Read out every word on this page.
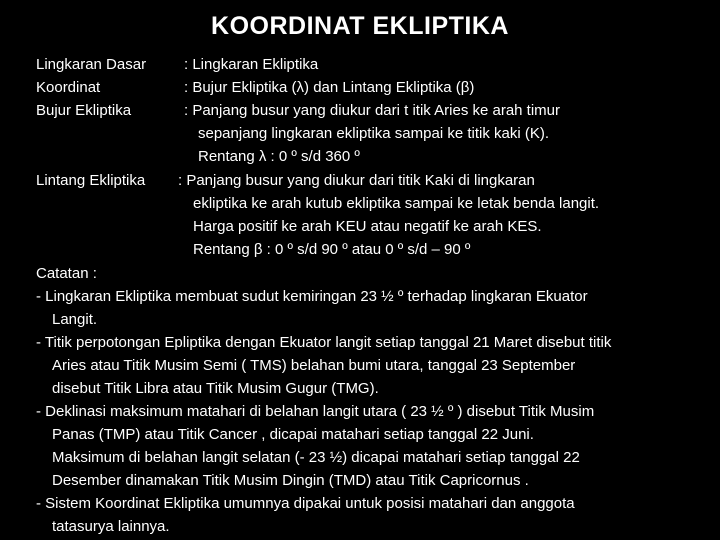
KOORDINAT EKLIPTIKA
Lingkaran Dasar	: Lingkaran Ekliptika
Koordinat	: Bujur Ekliptika (λ) dan Lintang Ekliptika (β)
Bujur Ekliptika	: Panjang busur yang diukur dari t itik Aries ke arah timur
sepanjang lingkaran ekliptika sampai ke titik kaki (K).
Rentang λ : 0 º s/d 360 º
Lintang Ekliptika : Panjang busur yang diukur dari titik Kaki di lingkaran
ekliptika ke arah kutub ekliptika sampai ke letak benda langit.
Harga positif ke arah KEU atau negatif ke arah KES.
Rentang β : 0 º s/d 90 º atau 0 º s/d – 90 º
Catatan :
- Lingkaran Ekliptika membuat sudut kemiringan 23 ½ º terhadap lingkaran Ekuator
Langit.
- Titik perpotongan Epliptika dengan Ekuator langit setiap tanggal 21 Maret disebut titik
Aries atau Titik Musim Semi ( TMS) belahan bumi utara, tanggal 23 September
disebut Titik Libra atau Titik Musim Gugur (TMG).
- Deklinasi maksimum matahari di belahan langit utara ( 23 ½ º ) disebut Titik Musim
Panas (TMP) atau Titik Cancer , dicapai matahari setiap tanggal 22 Juni.
Maksimum di belahan langit selatan (- 23 ½) dicapai matahari setiap tanggal 22
Desember dinamakan Titik Musim Dingin (TMD) atau Titik Capricornus .
- Sistem Koordinat Ekliptika umumnya dipakai untuk posisi matahari dan anggota
tatasurya lainnya.
